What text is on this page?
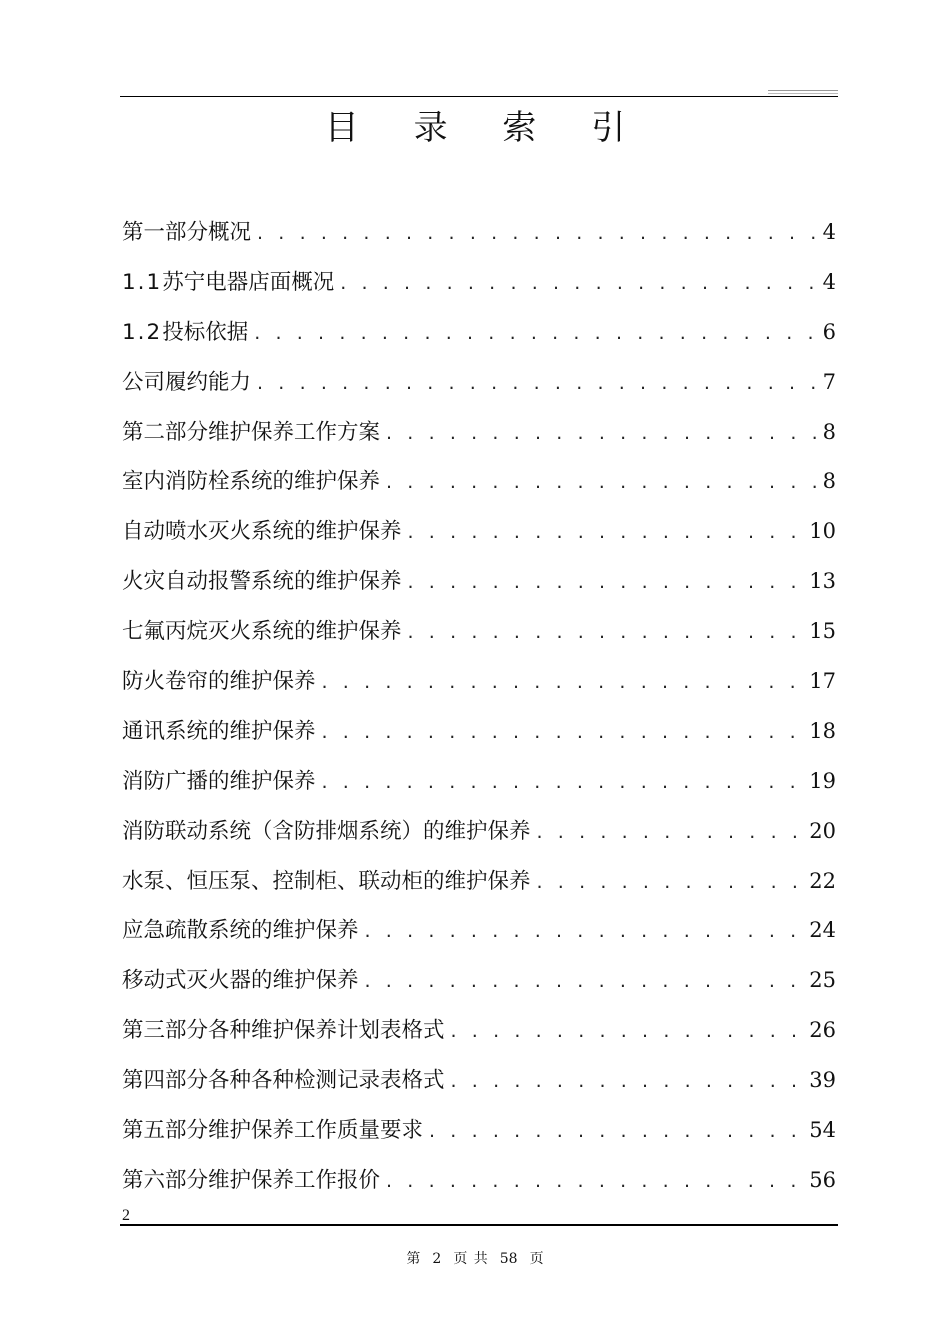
目 录 索 引
第一部分 概况 . . .	4
1.1 苏宁电器店面概况 . . .	4
1.2 投标依据 . . .	6
公司履约能力 . . .	7
第二部分 维护保养工作方案 . . .	8
室内消防栓系统的维护保养 . . .	8
自动喷水灭火系统的维护保养 . . .	10
火灾自动报警系统的维护保养 . . .	13
七氟丙烷灭火系统的维护保养 . . .	15
防火卷帘的维护保养 . . .	17
通讯系统的维护保养 . . .	18
消防广播的维护保养 . . .	19
消防联动系统（含防排烟系统）的维护保养 . . .	20
水泵、恒压泵、控制柜、联动柜的维护保养 . . .	22
应急疏散系统的维护保养 . . .	24
移动式灭火器的维护保养 . . .	25
第三部分 各种维护保养计划表格式 . . .	26
第四部分 各种各种检测记录表格式 . . .	39
第五部分 维护保养工作质量要求 . . .	54
第六部分 维护保养工作报价 . . .	56
2
第 2 页 共 58 页
